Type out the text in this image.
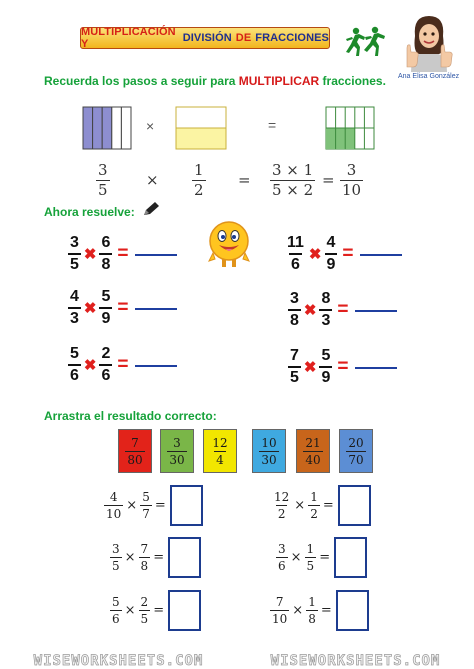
MULTIPLICACIÓN Y	DIVISIÓN DE FRACCIONES
Ana Elisa González
Recuerda los pasos a seguir para MULTIPLICAR fracciones.
×	=
$\frac{3}{5} \times \frac{1}{2} = \frac{3 \times 1}{5 \times 2} = \frac{3}{10}$
Ahora resuelve:
$\frac{3}{5}$ ✖ $\frac{6}{8}$ =	$\frac{11}{6}$ ✖ $\frac{4}{9}$ =
$\frac{4}{3}$ ✖ $\frac{5}{9}$ =	$\frac{3}{8}$ ✖ $\frac{8}{3}$ =
$\frac{5}{6}$ ✖ $\frac{2}{6}$ =	$\frac{7}{5}$ ✖ $\frac{5}{9}$ =
Arrastra el resultado correcto:
$\frac{7}{80} \frac{3}{30} \frac{12}{4} \frac{10}{30} \frac{21}{40} \frac{20}{70}$
$\frac{4}{10} \times \frac{5}{7}$ =	$\frac{12}{2} \times \frac{1}{2}$ =
$\frac{3}{5} \times \frac{7}{8}$ =	$\frac{3}{6} \times \frac{1}{5}$ =
$\frac{5}{6} \times \frac{2}{5}$ =	$\frac{7}{10} \times \frac{1}{8}$ =
WISEWORKSHEETS.COM	WISEWORKSHEETS.COM
